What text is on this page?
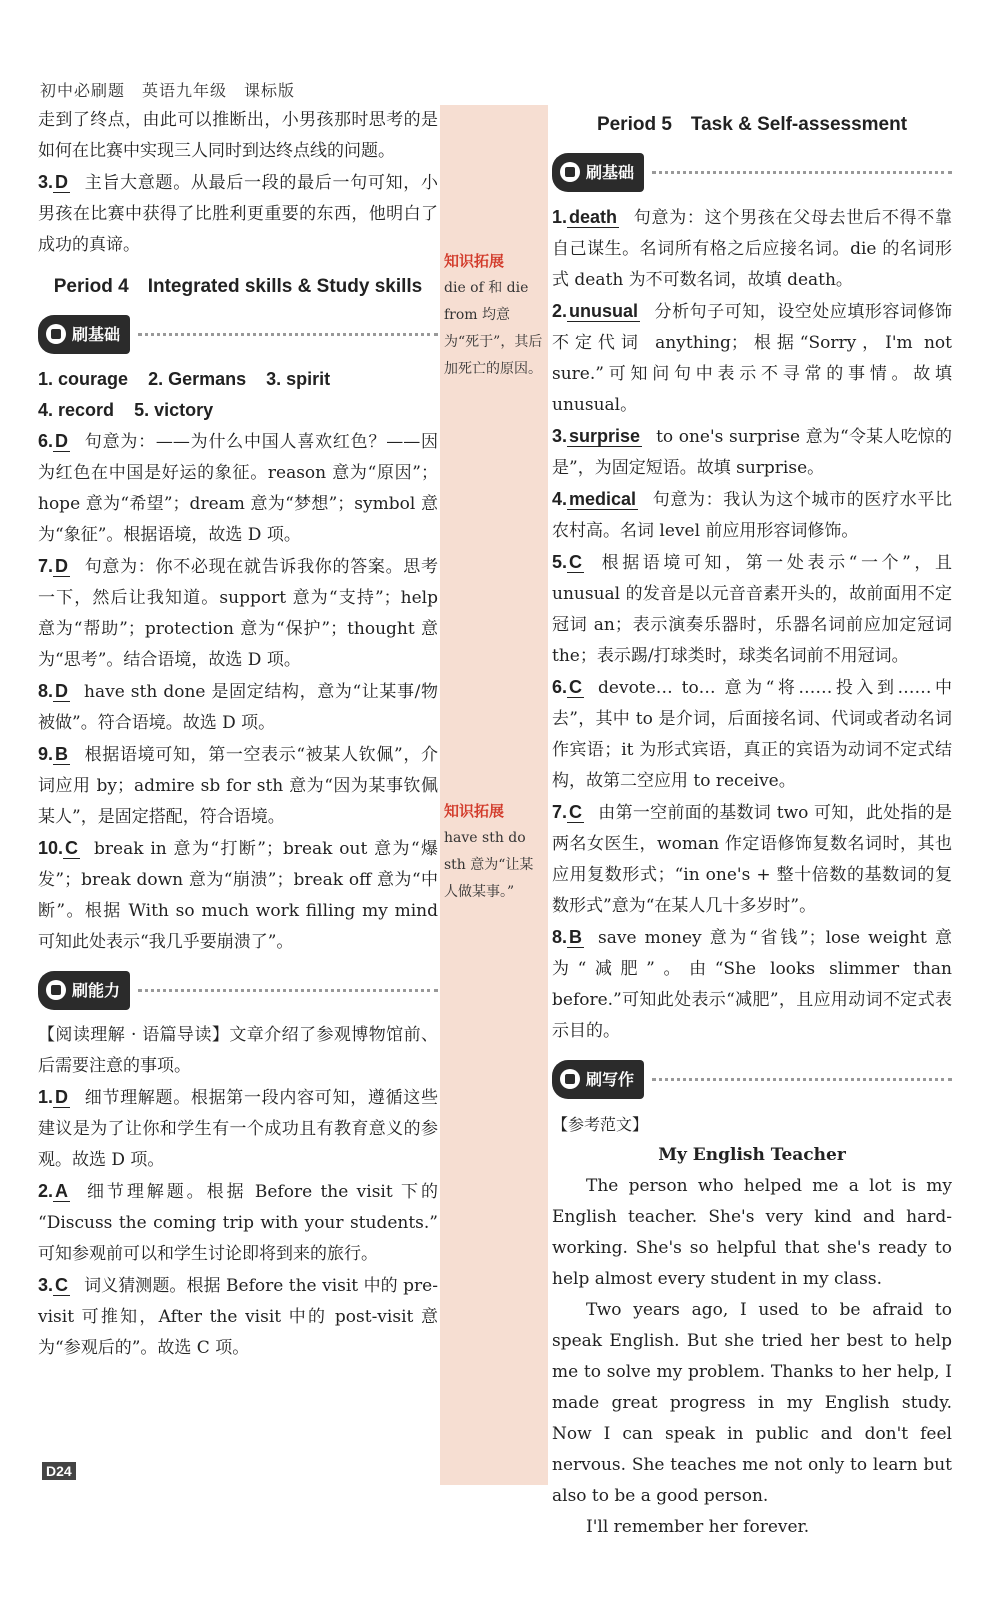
初中必刷题　英语九年级　课标版
知识拓展
die of 和 die from 均意为“死于”，其后加死亡的原因。
知识拓展
have sth do sth 意为“让某人做某事。”

走到了终点，由此可以推断出，小男孩那时思考的是如何在比赛中实现三人同时到达终点线的问题。

3. D 主旨大意题。从最后一段的最后一句可知，小男孩在比赛中获得了比胜利更重要的东西，他明白了成功的真谛。

Period 4　Integrated skills & Study skills
刷基础
1. courage 2. Germans 3. spirit
4. record 5. victory

6. D 句意为：——为什么中国人喜欢红色？——因为红色在中国是好运的象征。reason 意为“原因”；hope 意为“希望”；dream 意为“梦想”；symbol 意为“象征”。根据语境，故选 D 项。

7. D 句意为：你不必现在就告诉我你的答案。思考一下，然后让我知道。support 意为“支持”；help 意为“帮助”；protection 意为“保护”；thought 意为“思考”。结合语境，故选 D 项。

8. D have sth done 是固定结构，意为“让某事/物被做”。符合语境。故选 D 项。

9. B 根据语境可知，第一空表示“被某人钦佩”，介词应用 by；admire sb for sth 意为“因为某事钦佩某人”，是固定搭配，符合语境。

10. C break in 意为“打断”；break out 意为“爆发”；break down 意为“崩溃”；break off 意为“中断”。根据 With so much work filling my mind 可知此处表示“我几乎要崩溃了”。

刷能力

【阅读理解 · 语篇导读】文章介绍了参观博物馆前、后需要注意的事项。

1. D 细节理解题。根据第一段内容可知，遵循这些建议是为了让你和学生有一个成功且有教育意义的参观。故选 D 项。

2. A 细节理解题。根据 Before the visit 下的 “Discuss the coming trip with your students.” 可知参观前可以和学生讨论即将到来的旅行。

3. C 词义猜测题。根据 Before the visit 中的 pre-visit 可推知，After the visit 中的 post-visit 意为“参观后的”。故选 C 项。

Period 5　Task & Self-assessment
刷基础

1. death 句意为：这个男孩在父母去世后不得不靠自己谋生。名词所有格之后应接名词。die 的名词形式 death 为不可数名词，故填 death。

2. unusual 分析句子可知，设空处应填形容词修饰不定代词 anything；根据“Sorry，I'm not sure.”可知问句中表示不寻常的事情。故填 unusual。

3. surprise to one's surprise 意为“令某人吃惊的是”，为固定短语。故填 surprise。

4. medical 句意为：我认为这个城市的医疗水平比农村高。名词 level 前应用形容词修饰。

5. C 根据语境可知，第一处表示“一个”，且 unusual 的发音是以元音音素开头的，故前面用不定冠词 an；表示演奏乐器时，乐器名词前应加定冠词 the；表示踢/打球类时，球类名词前不用冠词。

6. C devote… to… 意为“将……投入到……中去”，其中 to 是介词，后面接名词、代词或者动名词作宾语；it 为形式宾语，真正的宾语为动词不定式结构，故第二空应用 to receive。

7. C 由第一空前面的基数词 two 可知，此处指的是两名女医生，woman 作定语修饰复数名词时，其也应用复数形式；“in one's + 整十倍数的基数词的复数形式”意为“在某人几十多岁时”。

8. B save money 意为“省钱”；lose weight 意为“减肥”。由“She looks slimmer than before.”可知此处表示“减肥”，且应用动词不定式表示目的。

刷写作
【参考范文】
My English Teacher

The person who helped me a lot is my English teacher. She's very kind and hard-working. She's so helpful that she's ready to help almost every student in my class.

Two years ago, I used to be afraid to speak English. But she tried her best to help me to solve my problem. Thanks to her help, I made great progress in my English study. Now I can speak in public and don't feel nervous. She teaches me not only to learn but also to be a good person.

I'll remember her forever.

D24
